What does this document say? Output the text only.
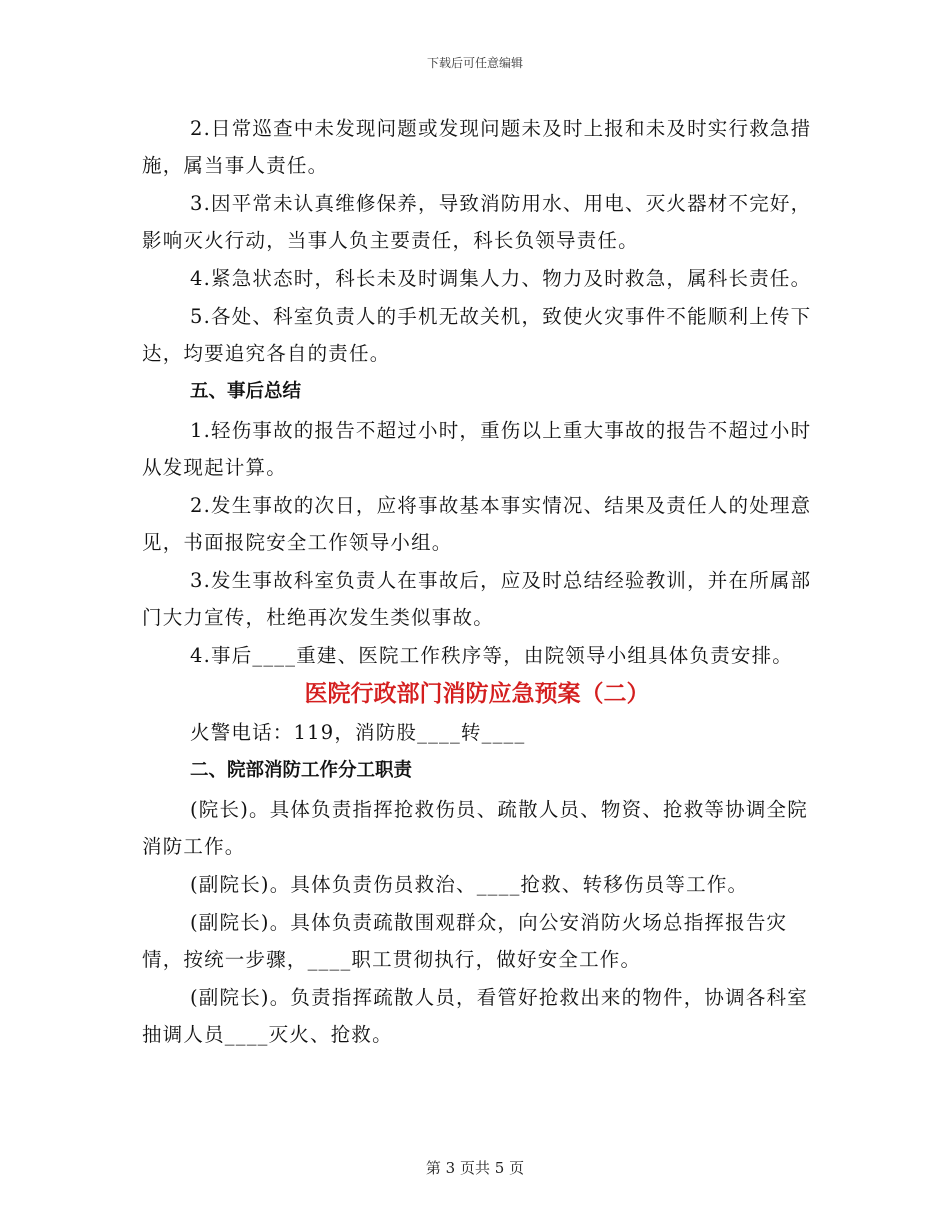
下载后可任意编辑

2.日常巡查中未发现问题或发现问题未及时上报和未及时实行救急措施，属当事人责任。

3.因平常未认真维修保养，导致消防用水、用电、灭火器材不完好，影响灭火行动，当事人负主要责任，科长负领导责任。

4.紧急状态时，科长未及时调集人力、物力及时救急，属科长责任。

5.各处、科室负责人的手机无故关机，致使火灾事件不能顺利上传下达，均要追究各自的责任。

五、事后总结

1.轻伤事故的报告不超过小时，重伤以上重大事故的报告不超过小时从发现起计算。

2.发生事故的次日，应将事故基本事实情况、结果及责任人的处理意见，书面报院安全工作领导小组。

3.发生事故科室负责人在事故后，应及时总结经验教训，并在所属部门大力宣传，杜绝再次发生类似事故。

4.事后____重建、医院工作秩序等，由院领导小组具体负责安排。

医院行政部门消防应急预案（二）

火警电话：119，消防股____转____

二、院部消防工作分工职责

(院长)。具体负责指挥抢救伤员、疏散人员、物资、抢救等协调全院消防工作。

(副院长)。具体负责伤员救治、____抢救、转移伤员等工作。

(副院长)。具体负责疏散围观群众，向公安消防火场总指挥报告灾情，按统一步骤，____职工贯彻执行，做好安全工作。

(副院长)。负责指挥疏散人员，看管好抢救出来的物件，协调各科室抽调人员____灭火、抢救。

第 3 页共 5 页
